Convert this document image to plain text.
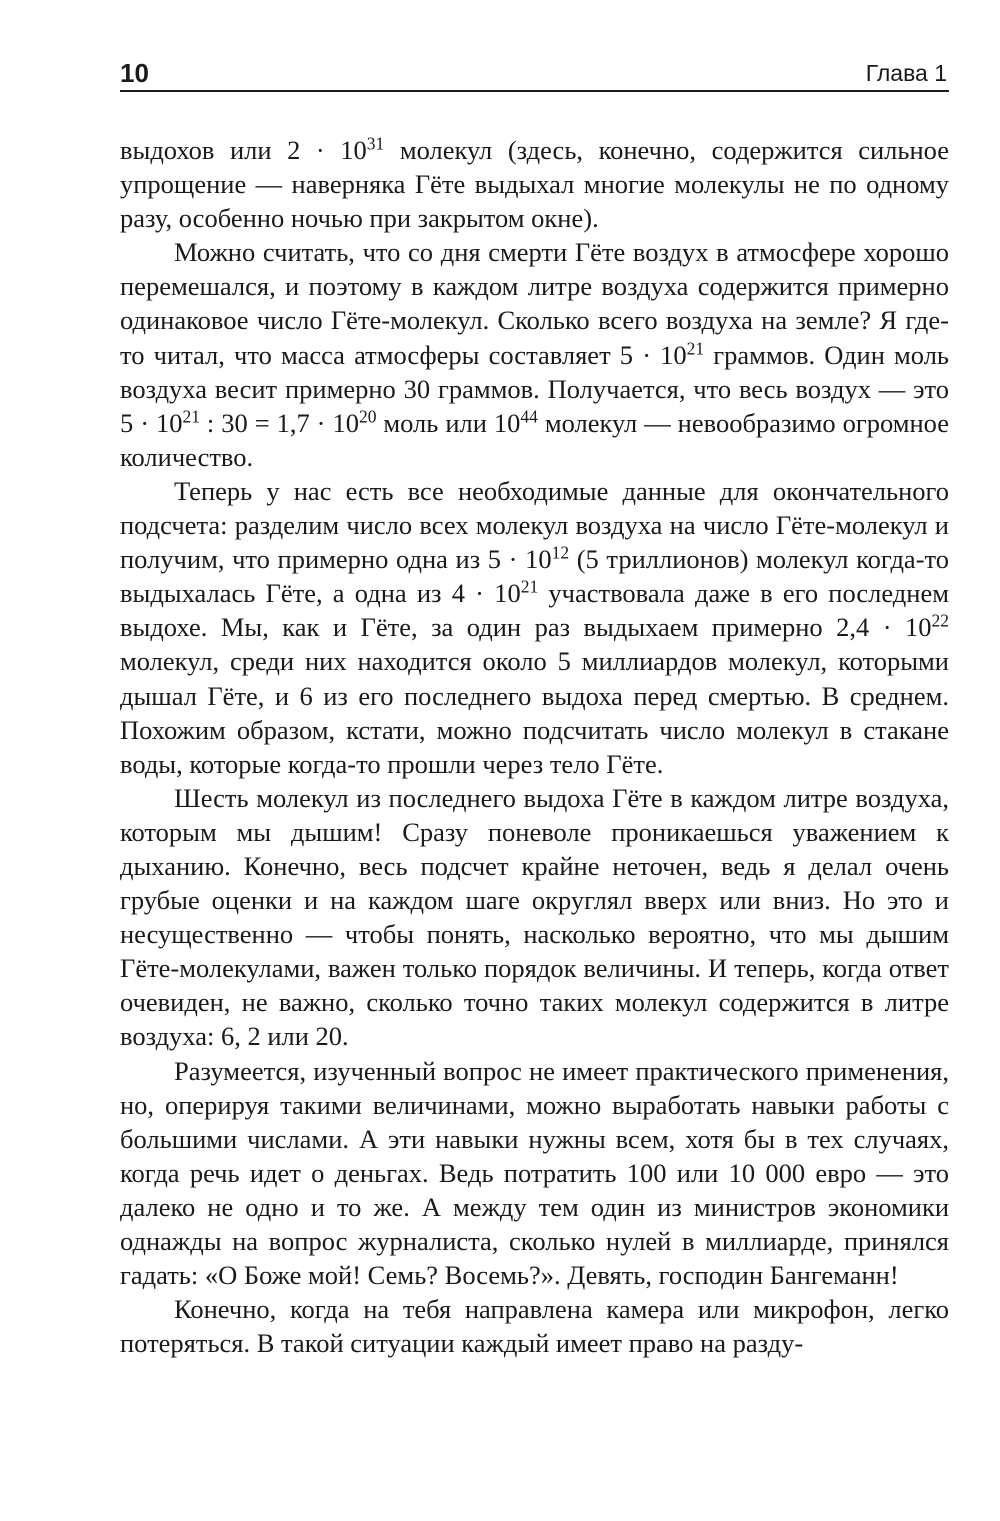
10	Глава 1

выдохов или $2 \cdot 10^{31}$ молекул (здесь, конечно, содержится сильное упрощение — наверняка Гёте выдыхал многие молекулы не по одному разу, особенно ночью при закрытом окне).

Можно считать, что со дня смерти Гёте воздух в атмосфере хорошо перемешался, и поэтому в каждом литре воздуха содержится примерно одинаковое число Гёте-молекул. Сколько всего воздуха на земле? Я где-то читал, что масса атмосферы составляет $5 \cdot 10^{21}$ граммов. Один моль воздуха весит примерно 30 граммов. Получается, что весь воздух — это $5 \cdot 10^{21}$ : $30 = 1,7 \cdot 10^{20}$ моль или $10^{44}$ молекул — невообразимо огромное количество.

Теперь у нас есть все необходимые данные для окончательного подсчета: разделим число всех молекул воздуха на число Гёте-молекул и получим, что примерно одна из $5 \cdot 10^{12}$ (5 триллионов) молекул когда-то выдыхалась Гёте, а одна из $4 \cdot 10^{21}$ участвовала даже в его последнем выдохе. Мы, как и Гёте, за один раз выдыхаем примерно $2,4 \cdot 10^{22}$ молекул, среди них находится около 5 миллиардов молекул, которыми дышал Гёте, и 6 из его последнего выдоха перед смертью. В среднем. Похожим образом, кстати, можно подсчитать число молекул в стакане воды, которые когда-то прошли через тело Гёте.

Шесть молекул из последнего выдоха Гёте в каждом литре воздуха, которым мы дышим! Сразу поневоле проникаешься уважением к дыханию. Конечно, весь подсчет крайне неточен, ведь я делал очень грубые оценки и на каждом шаге округлял вверх или вниз. Но это и несущественно — чтобы понять, насколько вероятно, что мы дышим Гёте-молекулами, важен только порядок величины. И теперь, когда ответ очевиден, не важно, сколько точно таких молекул содержится в литре воздуха: 6, 2 или 20.

Разумеется, изученный вопрос не имеет практического применения, но, оперируя такими величинами, можно выработать навыки работы с большими числами. А эти навыки нужны всем, хотя бы в тех случаях, когда речь идет о деньгах. Ведь потратить 100 или 10 000 евро — это далеко не одно и то же. А между тем один из министров экономики однажды на вопрос журналиста, сколько нулей в миллиарде, принялся гадать: «О Боже мой! Семь? Восемь?». Девять, господин Бангеманн!

Конечно, когда на тебя направлена камера или микрофон, легко потеряться. В такой ситуации каждый имеет право на разду-
